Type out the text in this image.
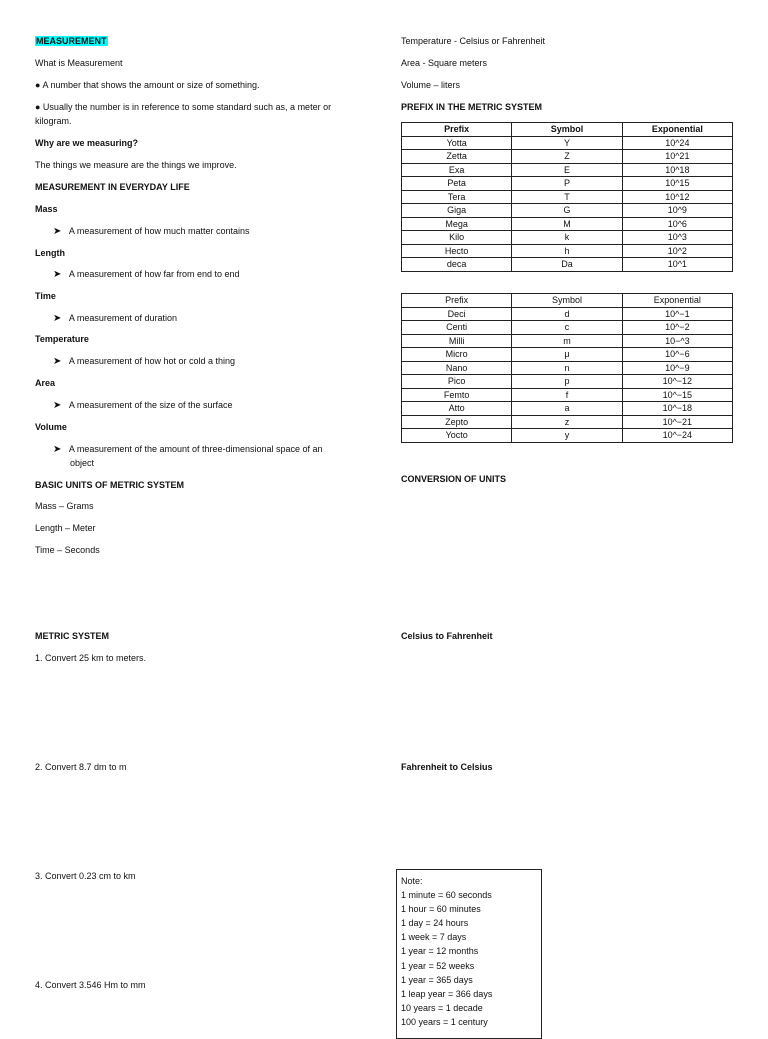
MEASUREMENT
What is Measurement
● A number that shows the amount or size of something.
● Usually the number is in reference to some standard such as, a meter or
kilogram.
Why are we measuring?
The things we measure are the things we improve.
MEASUREMENT IN EVERYDAY LIFE
Mass
➤ A measurement of how much matter contains
Length
➤ A measurement of how far from end to end
Time
➤ A measurement of duration
Temperature
➤ A measurement of how hot or cold a thing
Area
➤ A measurement of the size of the surface
Volume
➤ A measurement of the amount of three-dimensional space of an
object
BASIC UNITS OF METRIC SYSTEM
Mass – Grams
Length – Meter
Time – Seconds
METRIC SYSTEM
1. Convert 25 km to meters.
2. Convert 8.7 dm to m
3. Convert 0.23 cm to km
4. Convert 3.546 Hm to mm
Temperature - Celsius or Fahrenheit
Area - Square meters
Volume – liters
PREFIX IN THE METRIC SYSTEM
Prefix	Symbol	Exponential
Yotta	Y	10^24
Zetta	Z	10^21
Exa	E	10^18
Peta	P	10^15
Tera	T	10^12
Giga	G	10^9
Mega	M	10^6
Kilo	k	10^3
Hecto	h	10^2
deca	Da	10^1
Prefix	Symbol	Exponential
Deci	d	10^−1
Centi	c	10^−2
Milli	m	10−^3
Micro	μ	10^−6
Nano	n	10^−9
Pico	p	10^−12
Femto	f	10^−15
Atto	a	10^−18
Zepto	z	10^−21
Yocto	y	10^−24
CONVERSION OF UNITS
Celsius to Fahrenheit
Fahrenheit to Celsius
Note:
1 minute = 60 seconds
1 hour = 60 minutes
1 day = 24 hours
1 week = 7 days
1 year = 12 months
1 year = 52 weeks
1 year = 365 days
1 leap year = 366 days
10 years = 1 decade
100 years = 1 century
